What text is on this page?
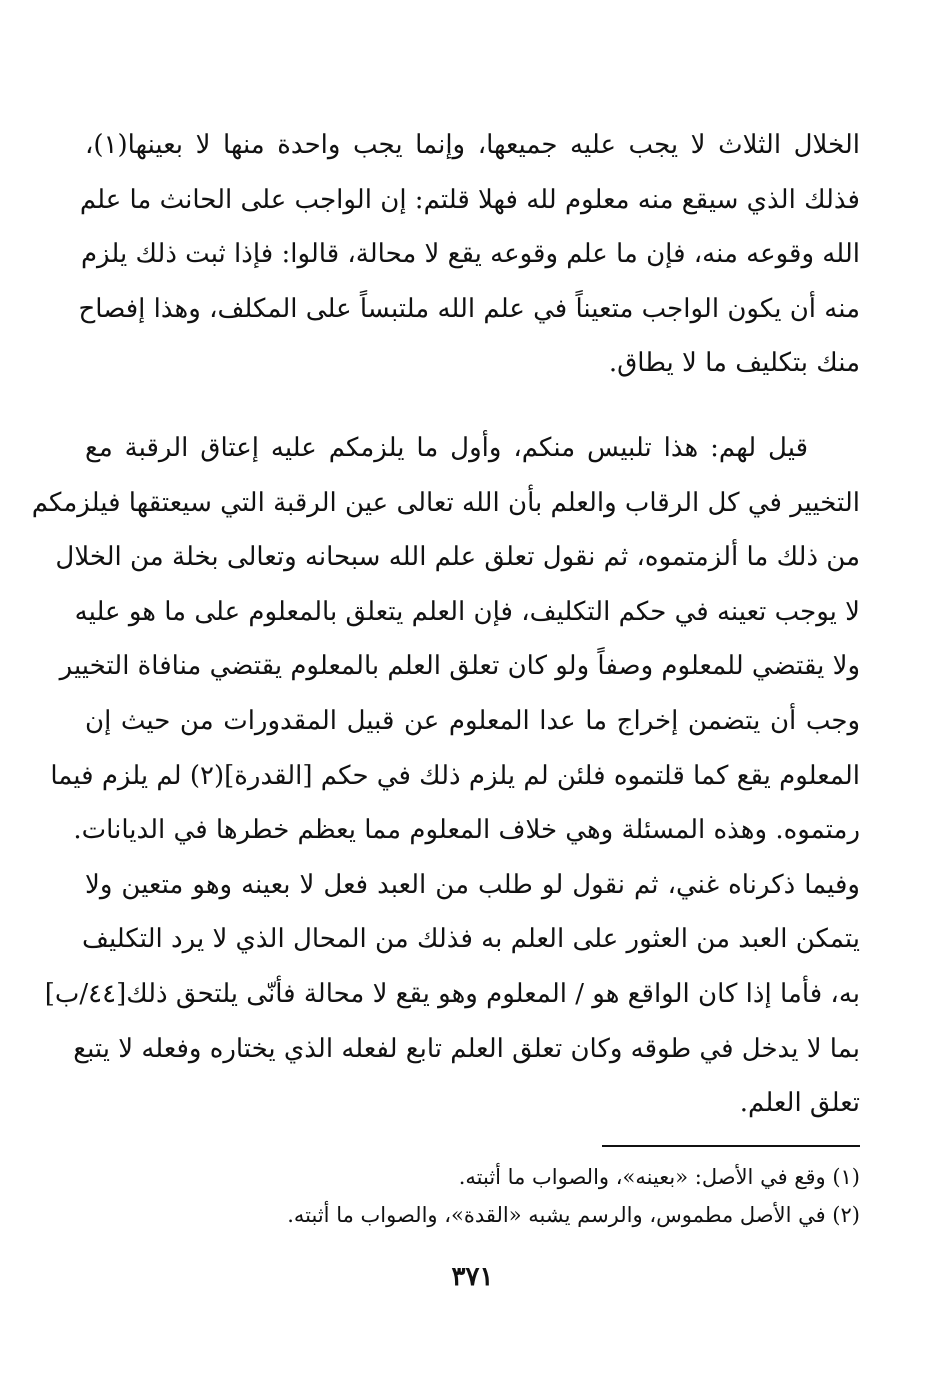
الخلال الثلاث لا يجب عليه جميعها، وإنما يجب واحدة منها لا بعينها(١)،
فذلك الذي سيقع منه معلوم لله فهلا قلتم: إن الواجب على الحانث ما علم
الله وقوعه منه، فإن ما علم وقوعه يقع لا محالة، قالوا: فإذا ثبت ذلك يلزم
منه أن يكون الواجب متعيناً في علم الله ملتبساً على المكلف، وهذا إفصاح
منك بتكليف ما لا يطاق.
قيل لهم: هذا تلبيس منكم، وأول ما يلزمكم عليه إعتاق الرقبة مع
التخيير في كل الرقاب والعلم بأن الله تعالى عين الرقبة التي سيعتقها فيلزمكم
من ذلك ما ألزمتموه، ثم نقول تعلق علم الله سبحانه وتعالى بخلة من الخلال
لا يوجب تعينه في حكم التكليف، فإن العلم يتعلق بالمعلوم على ما هو عليه
ولا يقتضي للمعلوم وصفاً ولو كان تعلق العلم بالمعلوم يقتضي منافاة التخيير
وجب أن يتضمن إخراج ما عدا المعلوم عن قبيل المقدورات من حيث إن
المعلوم يقع كما قلتموه فلئن لم يلزم ذلك في حكم [القدرة](٢) لم يلزم فيما
رمتموه. وهذه المسئلة وهي خلاف المعلوم مما يعظم خطرها في الديانات.
وفيما ذكرناه غني، ثم نقول لو طلب من العبد فعل لا بعينه وهو متعين ولا
يتمكن العبد من العثور على العلم به فذلك من المحال الذي لا يرد التكليف
به، فأما إذا كان الواقع هو / المعلوم وهو يقع لا محالة فأنّى يلتحق ذلك[٤٤/ب]
بما لا يدخل في طوقه وكان تعلق العلم تابع لفعله الذي يختاره وفعله لا يتبع
تعلق العلم.
(١) وقع في الأصل: «بعينه»، والصواب ما أثبته.
(٢) في الأصل مطموس، والرسم يشبه «القدة»، والصواب ما أثبته.
٣٧١
